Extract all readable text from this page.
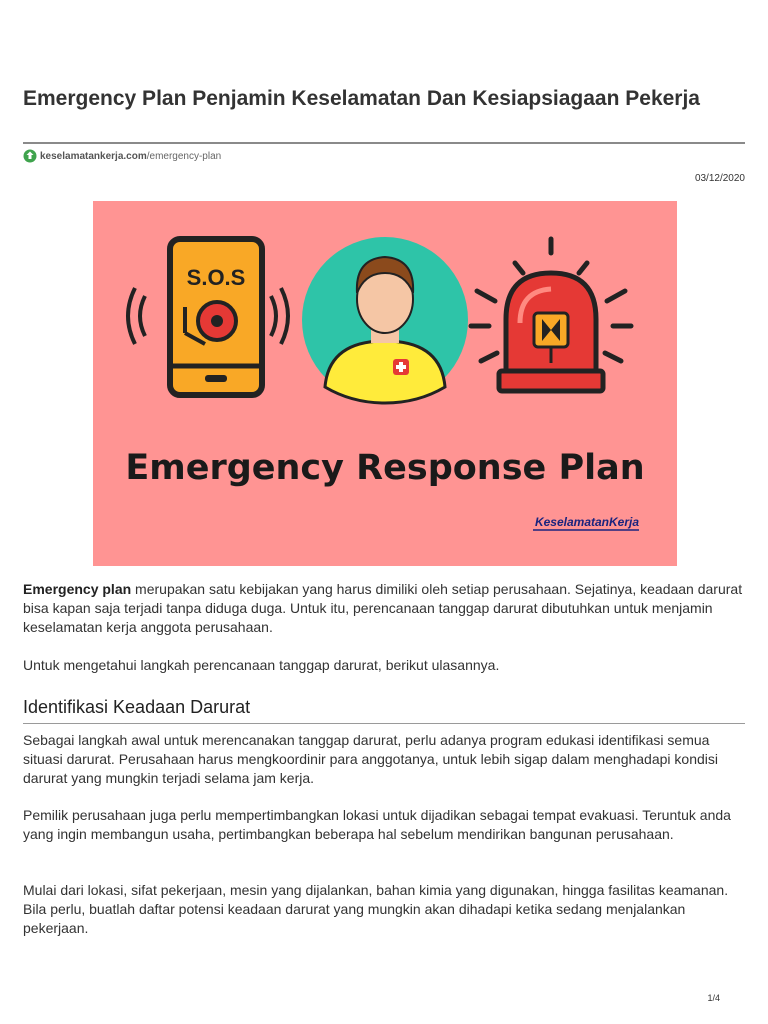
Emergency Plan Penjamin Keselamatan Dan Kesiapsiagaan Pekerja
keselamatankerja.com /emergency-plan
03/12/2020
S.O.S
Emergency Response Plan
KeselamatanKerja

Emergency plan merupakan satu kebijakan yang harus dimiliki oleh setiap perusahaan. Sejatinya, keadaan darurat bisa kapan saja terjadi tanpa diduga duga. Untuk itu, perencanaan tanggap darurat dibutuhkan untuk menjamin keselamatan kerja anggota perusahaan.

Untuk mengetahui langkah perencanaan tanggap darurat, berikut ulasannya.

Identifikasi Keadaan Darurat

Sebagai langkah awal untuk merencanakan tanggap darurat, perlu adanya program edukasi identifikasi semua situasi darurat. Perusahaan harus mengkoordinir para anggotanya, untuk lebih sigap dalam menghadapi kondisi darurat yang mungkin terjadi selama jam kerja.

Pemilik perusahaan juga perlu mempertimbangkan lokasi untuk dijadikan sebagai tempat evakuasi. Teruntuk anda yang ingin membangun usaha, pertimbangkan beberapa hal sebelum mendirikan bangunan perusahaan.

Mulai dari lokasi, sifat pekerjaan, mesin yang dijalankan, bahan kimia yang digunakan, hingga fasilitas keamanan. Bila perlu, buatlah daftar potensi keadaan darurat yang mungkin akan dihadapi ketika sedang menjalankan pekerjaan.

1/4
